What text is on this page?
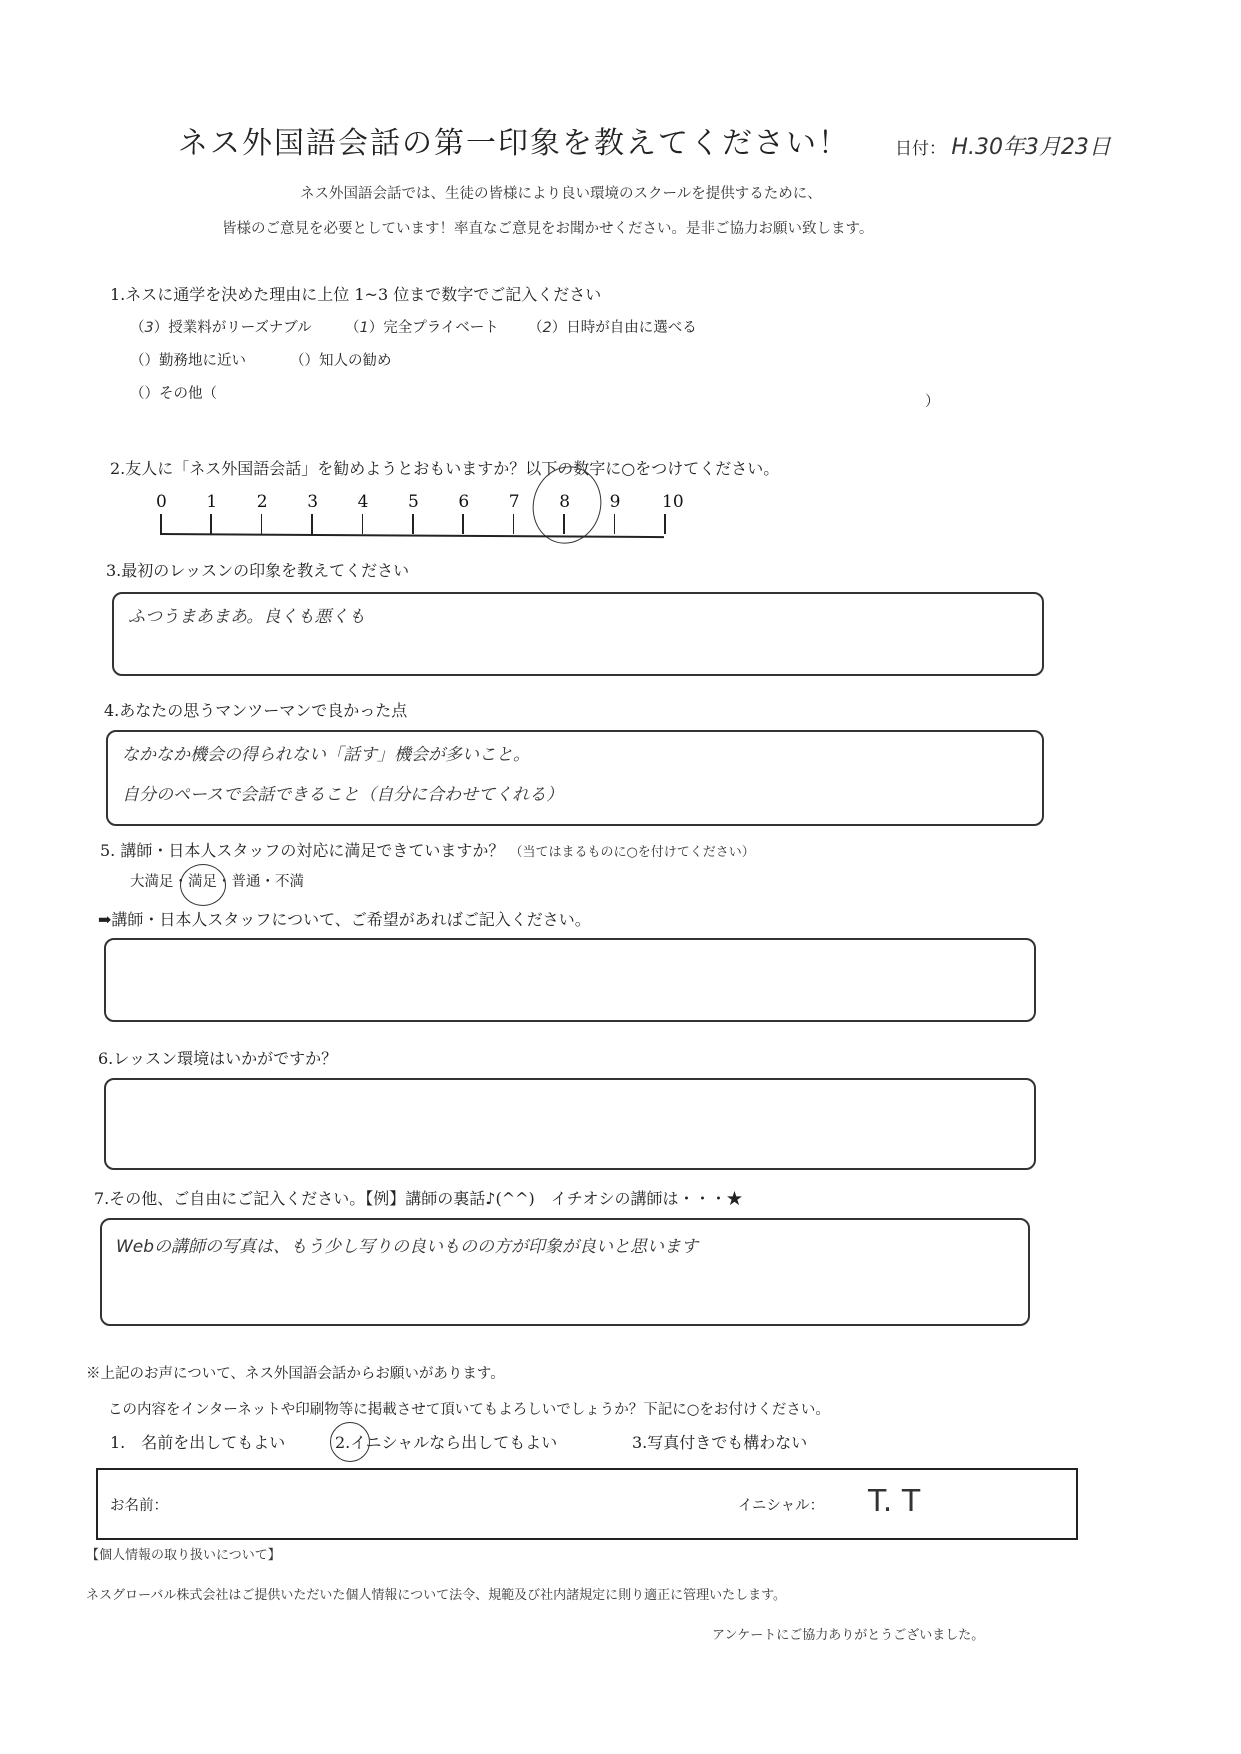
ネス外国語会話の第一印象を教えてください！	日付： H.30年3月23日
ネス外国語会話では、生徒の皆様により良い環境のスクールを提供するために、
皆様のご意見を必要としています！率直なご意見をお聞かせください。是非ご協力お願い致します。
1.ネスに通学を決めた理由に上位 1~3 位まで数字でご記入ください
（3）授業料がリーズナブル （1）完全プライベート （2）日時が自由に選べる
（）勤務地に近い	（）知人の勧め
（）その他（	）
2.友人に「ネス外国語会話」を勧めようとおもいますか？以下の数字に○をつけてください。
0 1 2 3 4 5 6 7 8 9 10
3.最初のレッスンの印象を教えてください
ふつうまあまあ。良くも悪くも
4.あなたの思うマンツーマンで良かった点
なかなか機会の得られない「話す」機会が多いこと。
自分のペースで会話できること（自分に合わせてくれる）
5. 講師・日本人スタッフの対応に満足できていますか？ （当てはまるものに○を付けてください）
大満足・満足
・普通・不満
➡講師・日本人スタッフについて、ご希望があればご記入ください。
6.レッスン環境はいかがですか？
7.その他、ご自由にご記入ください。【例】講師の裏話♪(^^)　イチオシの講師は・・・★
Webの講師の写真は、もう少し写りの良いものの方が印象が良いと思います
※上記のお声について、ネス外国語会話からお願いがあります。
この内容をインターネットや印刷物等に掲載させて頂いてもよろしいでしょうか？下記に○をお付けください。
1.　名前を出してもよい	2.イニシャルなら出してもよい	3.写真付きでも構わない
お名前：	イニシャル： T. T
【個人情報の取り扱いについて】
ネスグローバル株式会社はご提供いただいた個人情報について法令、規範及び社内諸規定に則り適正に管理いたします。
アンケートにご協力ありがとうございました。
